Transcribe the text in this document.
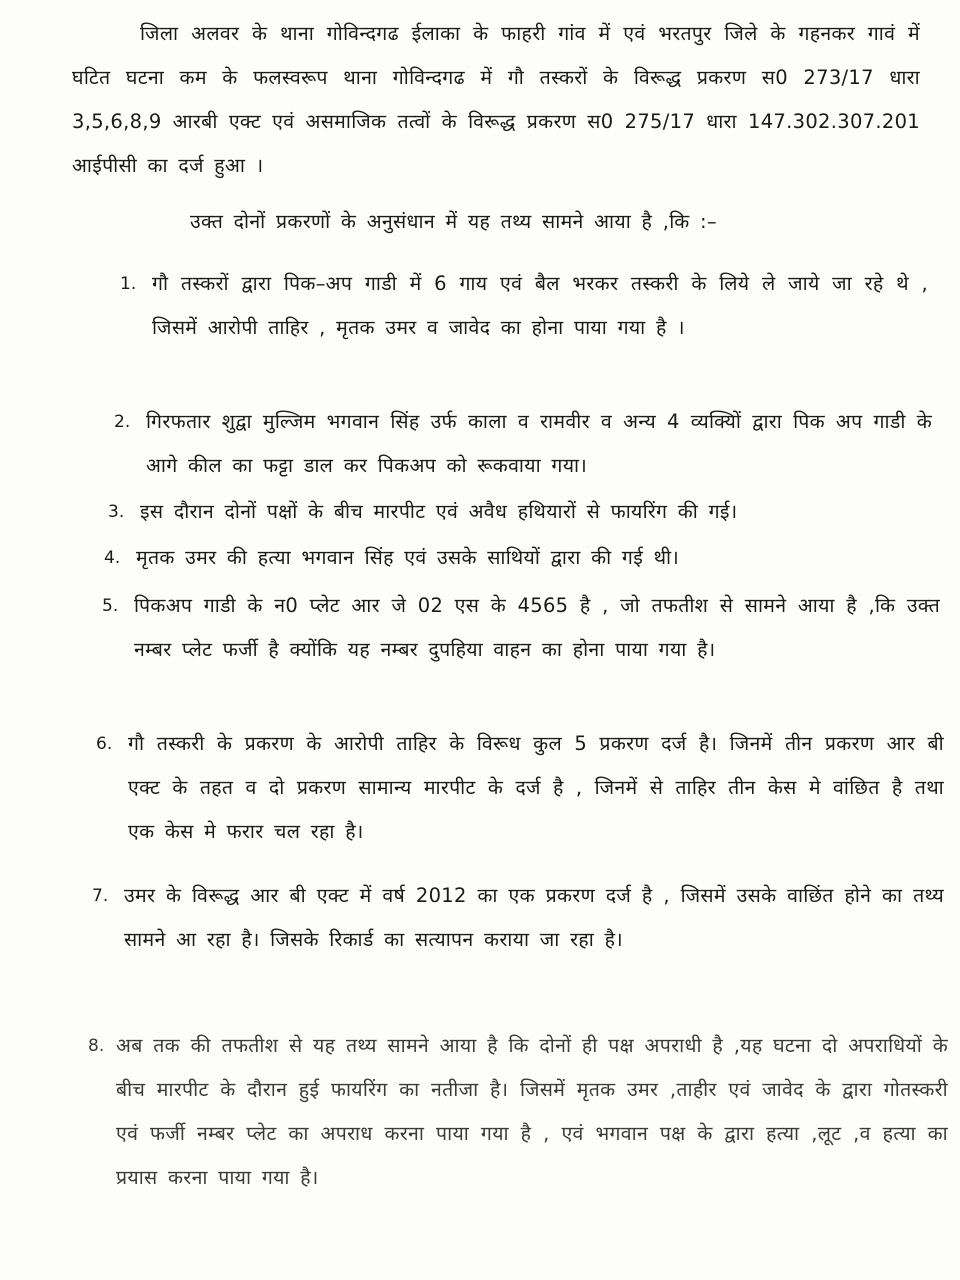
जिला अलवर के थाना गोविन्दगढ ईलाका के फाहरी गांव में एवं भरतपुर जिले के गहनकर गावं में घटित घटना कम के फलस्वरूप थाना गोविन्दगढ में गौ तस्करों के विरूद्ध प्रकरण स0 273/17 धारा 3,5,6,8,9 आरबी एक्ट एवं असमाजिक तत्वों के विरूद्ध प्रकरण स0 275/17 धारा 147.302.307.201 आईपीसी का दर्ज हुआ ।

उक्त दोनों प्रकरणों के अनुसंधान में यह तथ्य सामने आया है ,कि :–

1. गौ तस्करों द्वारा पिक–अप गाडी में 6 गाय एवं बैल भरकर तस्करी के लिये ले जाये जा रहे थे , जिसमें आरोपी ताहिर , मृतक उमर व जावेद का होना पाया गया है ।
2. गिरफतार शुद्वा मुल्जिम भगवान सिंह उर्फ काला व रामवीर व अन्य 4 व्यक्यिों द्वारा पिक अप गाडी के आगे कील का फट्टा डाल कर पिकअप को रूकवाया गया।
3. इस दौरान दोनों पक्षों के बीच मारपीट एवं अवैध हथियारों से फायरिंग की गई।
4. मृतक उमर की हत्या भगवान सिंह एवं उसके साथियों द्वारा की गई थी।
5. पिकअप गाडी के न0 प्लेट आर जे 02 एस के 4565 है , जो तफतीश से सामने आया है ,कि उक्त नम्बर प्लेट फर्जी है क्योंकि यह नम्बर दुपहिया वाहन का होना पाया गया है।
6. गौ तस्करी के प्रकरण के आरोपी ताहिर के विरूध कुल 5 प्रकरण दर्ज है। जिनमें तीन प्रकरण आर बी एक्ट के तहत व दो प्रकरण सामान्य मारपीट के दर्ज है , जिनमें से ताहिर तीन केस मे वांछित है तथा एक केस मे फरार चल रहा है।
7. उमर के विरूद्ध आर बी एक्ट में वर्ष 2012 का एक प्रकरण दर्ज है , जिसमें उसके वाछिंत होने का तथ्य सामने आ रहा है। जिसके रिकार्ड का सत्यापन कराया जा रहा है।
8. अब तक की तफतीश से यह तथ्य सामने आया है कि दोनों ही पक्ष अपराधी है ,यह घटना दो अपराधियों के बीच मारपीट के दौरान हुई फायरिंग का नतीजा है। जिसमें मृतक उमर ,ताहीर एवं जावेद के द्वारा गोतस्करी एवं फर्जी नम्बर प्लेट का अपराध करना पाया गया है , एवं भगवान पक्ष के द्वारा हत्या ,लूट ,व हत्या का प्रयास करना पाया गया है।
